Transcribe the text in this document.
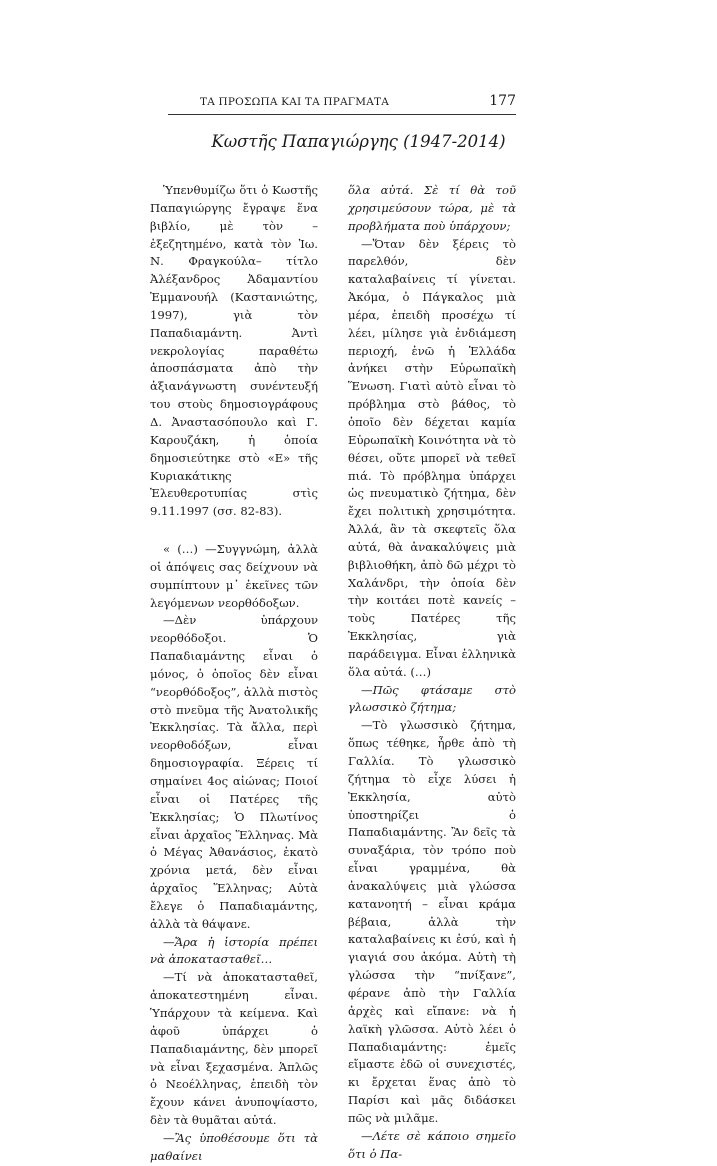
ΤΑ ΠΡΟΣΩΠΑ ΚΑΙ ΤΑ ΠΡΑΓΜΑΤΑ	177
Κωστῆς Παπαγιώργης (1947-2014)

Ὑπενθυμίζω ὅτι ὁ Κωστῆς Παπαγιώργης ἔγραψε ἕνα βιβλίο, μὲ τὸν –ἐξεζητημένο, κατὰ τὸν Ἰω. Ν. Φραγκούλα– τίτλο Ἀλέξανδρος Ἀδαμαντίου Ἐμμανουήλ (Καστανιώτης, 1997), γιὰ τὸν Παπαδιαμάντη. Ἀντὶ νεκρολογίας παραθέτω ἀποσπάσματα ἀπὸ τὴν ἀξιανάγνωστη συνέντευξή του στοὺς δημοσιογράφους Δ. Ἀναστασόπουλο καὶ Γ. Καρουζάκη, ἡ ὁποία δημοσιεύτηκε στὸ «Ε» τῆς Κυριακάτικης Ἐλευθεροτυπίας στὶς 9.11.1997 (σσ. 82-83).

« (…) —Συγγνώμη, ἀλλὰ οἱ ἀπόψεις σας δείχνουν νὰ συμπίπτουν μ᾽ ἐκεῖνες τῶν λεγόμενων νεορθόδοξων.

—Δὲν ὑπάρχουν νεορθόδοξοι. Ὁ Παπαδιαμάντης εἶναι ὁ μόνος, ὁ ὁποῖος δὲν εἶναι “νεορθόδοξος”, ἀλλὰ πιστὸς στὸ πνεῦμα τῆς Ἀνατολικῆς Ἐκκλησίας. Τὰ ἄλλα, περὶ νεορθοδόξων, εἶναι δημοσιογραφία. Ξέρεις τί σημαίνει 4ος αἰώνας; Ποιοί εἶναι οἱ Πατέρες τῆς Ἐκκλησίας; Ὁ Πλωτίνος εἶναι ἀρχαῖος Ἕλληνας. Μὰ ὁ Μέγας Ἀθανάσιος, ἑκατὸ χρόνια μετά, δὲν εἶναι ἀρχαῖος Ἕλληνας; Αὐτὰ ἔλεγε ὁ Παπαδιαμάντης, ἀλλὰ τὰ θάψανε.

—Ἄρα ἡ ἱστορία πρέπει νὰ ἀποκατασταθεῖ…

—Τί νὰ ἀποκατασταθεῖ, ἀποκατεστημένη εἶναι. Ὑπάρχουν τὰ κείμενα. Καὶ ἀφοῦ ὑπάρχει ὁ Παπαδιαμάντης, δὲν μπορεῖ νὰ εἶναι ξεχασμένα. Ἁπλῶς ὁ Νεοέλληνας, ἐπειδὴ τὸν ἔχουν κάνει ἀνυποψίαστο, δὲν τὰ θυμᾶται αὐτά.

—Ἂς ὑποθέσουμε ὅτι τὰ μαθαίνει

ὅλα αὐτά. Σὲ τί θὰ τοῦ χρησιμεύσουν τώρα, μὲ τὰ προβλήματα ποὺ ὑπάρχουν;

—Ὅταν δὲν ξέρεις τὸ παρελθόν, δὲν καταλαβαίνεις τί γίνεται. Ἀκόμα, ὁ Πάγκαλος μιὰ μέρα, ἐπειδὴ προσέχω τί λέει, μίλησε γιὰ ἐνδιάμεση περιοχή, ἐνῶ ἡ Ἑλλάδα ἀνήκει στὴν Εὐρωπαϊκὴ Ἕνωση. Γιατὶ αὐτὸ εἶναι τὸ πρόβλημα στὸ βάθος, τὸ ὁποῖο δὲν δέχεται καμία Εὐρωπαϊκὴ Κοινότητα νὰ τὸ θέσει, οὔτε μπορεῖ νὰ τεθεῖ πιά. Τὸ πρόβλημα ὑπάρχει ὡς πνευματικὸ ζήτημα, δὲν ἔχει πολιτικὴ χρησιμότητα. Ἀλλά, ἂν τὰ σκεφτεῖς ὅλα αὐτά, θὰ ἀνακαλύψεις μιὰ βιβλιοθήκη, ἀπὸ δῶ μέχρι τὸ Χαλάνδρι, τὴν ὁποία δὲν τὴν κοιτάει ποτὲ κανείς – τοὺς Πατέρες τῆς Ἐκκλησίας, γιὰ παράδειγμα. Εἶναι ἑλληνικὰ ὅλα αὐτά. (…)

—Πῶς φτάσαμε στὸ γλωσσικὸ ζήτημα;

—Τὸ γλωσσικὸ ζήτημα, ὅπως τέθηκε, ἦρθε ἀπὸ τὴ Γαλλία. Τὸ γλωσσικὸ ζήτημα τὸ εἶχε λύσει ἡ Ἐκκλησία, αὐτὸ ὑποστηρίζει ὁ Παπαδιαμάντης. Ἂν δεῖς τὰ συναξάρια, τὸν τρόπο ποὺ εἶναι γραμμένα, θὰ ἀνακαλύψεις μιὰ γλώσσα κατανοητή – εἶναι κράμα βέβαια, ἀλλὰ τὴν καταλαβαίνεις κι ἐσύ, καὶ ἡ γιαγιά σου ἀκόμα. Αὐτὴ τὴ γλώσσα τὴν “πνίξανε”, φέρανε ἀπὸ τὴν Γαλλία ἀρχὲς καὶ εἴπανε: νὰ ἡ λαϊκὴ γλῶσσα. Αὐτὸ λέει ὁ Παπαδιαμάντης: ἐμεῖς εἴμαστε ἐδῶ οἱ συνεχιστές, κι ἔρχεται ἕνας ἀπὸ τὸ Παρίσι καὶ μᾶς διδάσκει πῶς νὰ μιλᾶμε.

—Λέτε σὲ κάποιο σημεῖο ὅτι ὁ Πα-
